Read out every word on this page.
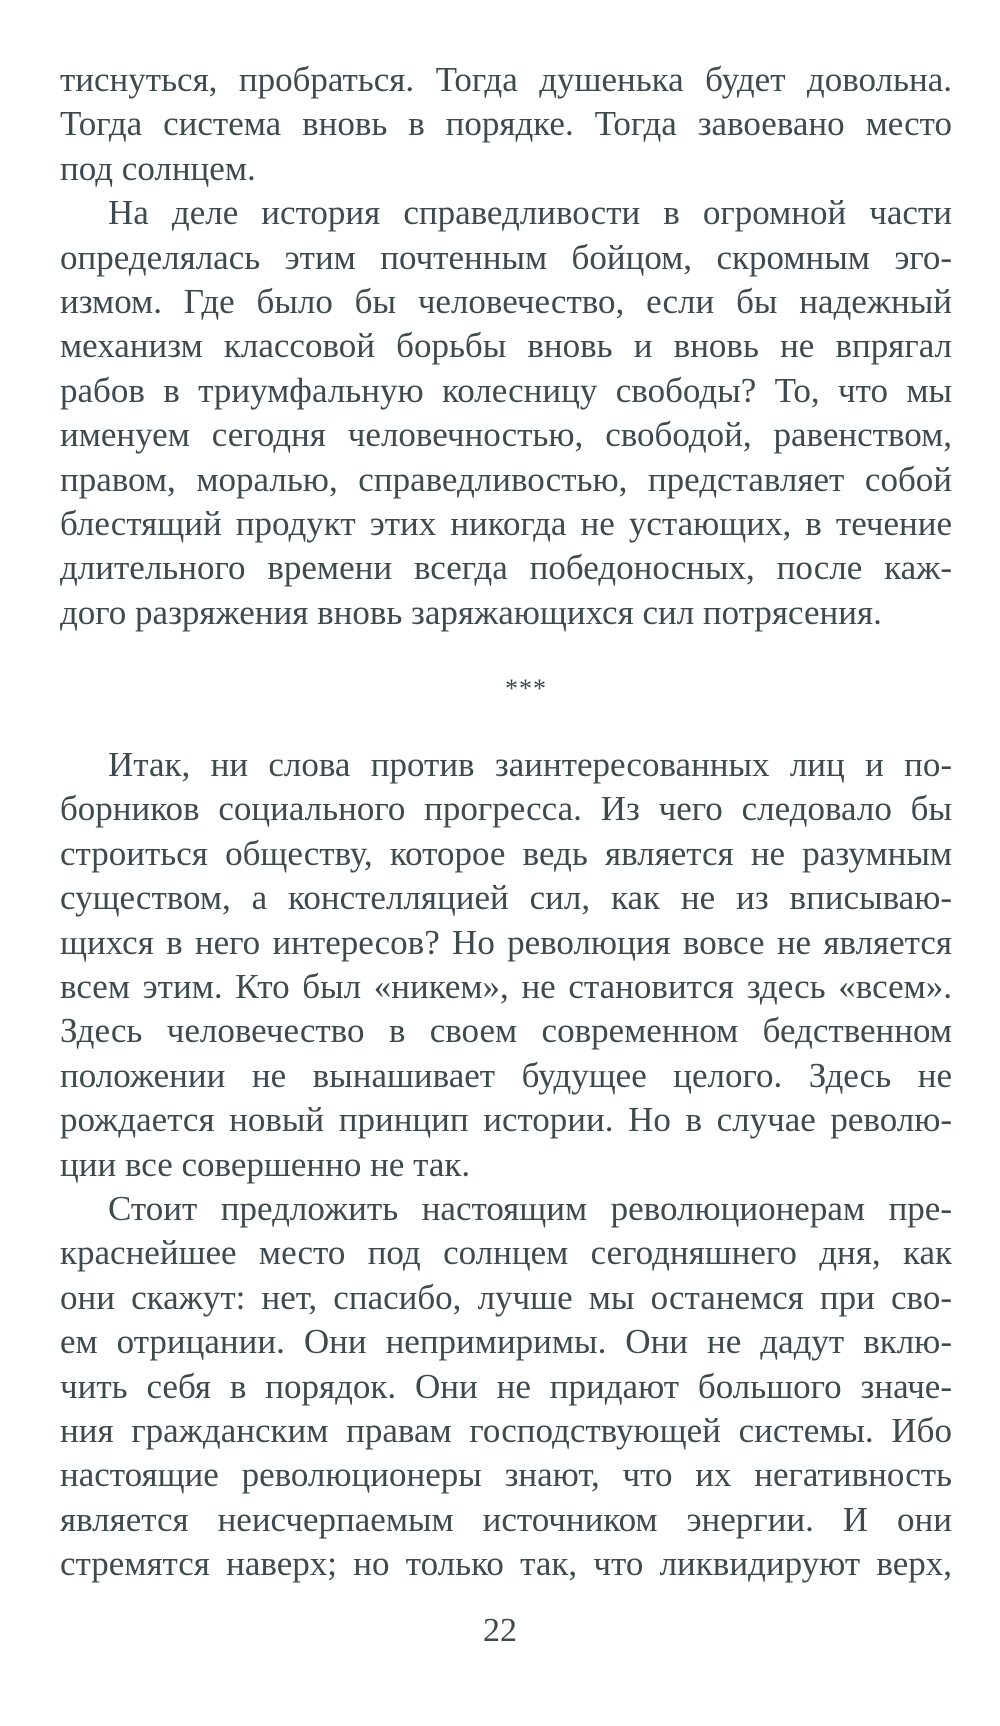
тиснуться, пробраться. Тогда душенька будет довольна.
Тогда система вновь в порядке. Тогда завоевано место
под солнцем.
На деле история справедливости в огромной части
определялась этим почтенным бойцом, скромным эго-
измом. Где было бы человечество, если бы надежный
механизм классовой борьбы вновь и вновь не впрягал
рабов в триумфальную колесницу свободы? То, что мы
именуем сегодня человечностью, свободой, равенством,
правом, моралью, справедливостью, представляет собой
блестящий продукт этих никогда не устающих, в течение
длительного времени всегда победоносных, после каж-
дого разряжения вновь заряжающихся сил потрясения.
***
Итак, ни слова против заинтересованных лиц и по-
борников социального прогресса. Из чего следовало бы
строиться обществу, которое ведь является не разумным
существом, а констелляцией сил, как не из вписываю-
щихся в него интересов? Но революция вовсе не является
всем этим. Кто был «никем», не становится здесь «всем».
Здесь человечество в своем современном бедственном
положении не вынашивает будущее целого. Здесь не
рождается новый принцип истории. Но в случае револю-
ции все совершенно не так.
Стоит предложить настоящим революционерам пре-
краснейшее место под солнцем сегодняшнего дня, как
они скажут: нет, спасибо, лучше мы останемся при сво-
ем отрицании. Они непримиримы. Они не дадут вклю-
чить себя в порядок. Они не придают большого значе-
ния гражданским правам господствующей системы. Ибо
настоящие революционеры знают, что их негативность
является неисчерпаемым источником энергии. И они
стремятся наверх; но только так, что ликвидируют верх,
22
